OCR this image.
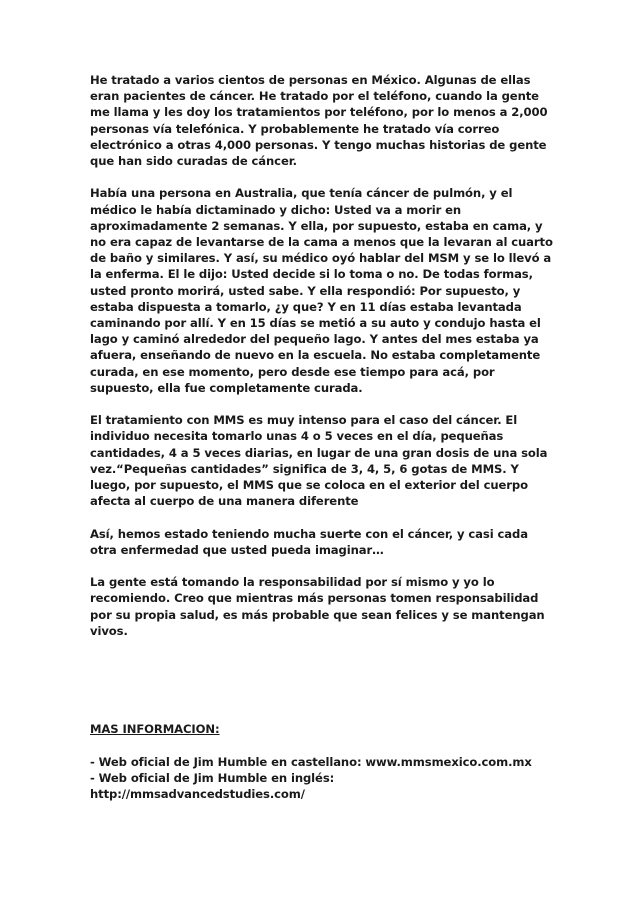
He tratado a varios cientos de personas en México. Algunas de ellas eran pacientes de cáncer. He tratado por el teléfono, cuando la gente me llama y les doy los tratamientos por teléfono, por lo menos a 2,000 personas vía telefónica. Y probablemente he tratado vía correo electrónico a otras 4,000 personas. Y tengo muchas historias de gente que han sido curadas de cáncer.

Había una persona en Australia, que tenía cáncer de pulmón, y el médico le había dictaminado y dicho: Usted va a morir en aproximadamente 2 semanas. Y ella, por supuesto, estaba en cama, y no era capaz de levantarse de la cama a menos que la levaran al cuarto de baño y similares. Y así, su médico oyó hablar del MSM y se lo llevó a la enferma. El le dijo: Usted decide si lo toma o no. De todas formas, usted pronto morirá, usted sabe. Y ella respondió: Por supuesto, y estaba dispuesta a tomarlo, ¿y que? Y en 11 días estaba levantada caminando por allí. Y en 15 días se metió a su auto y condujo hasta el lago y caminó alrededor del pequeño lago. Y antes del mes estaba ya afuera, enseñando de nuevo en la escuela. No estaba completamente curada, en ese momento, pero desde ese tiempo para acá, por supuesto, ella fue completamente curada.

El tratamiento con MMS es muy intenso para el caso del cáncer. El individuo necesita tomarlo unas 4 o 5 veces en el día, pequeñas cantidades, 4 a 5 veces diarias, en lugar de una gran dosis de una sola vez.“Pequeñas cantidades” significa de 3, 4, 5, 6 gotas de MMS. Y luego, por supuesto, el MMS que se coloca en el exterior del cuerpo afecta al cuerpo de una manera diferente

Así, hemos estado teniendo mucha suerte con el cáncer, y casi cada otra enfermedad que usted pueda imaginar…

La gente está tomando la responsabilidad por sí mismo y yo lo recomiendo. Creo que mientras más personas tomen responsabilidad por su propia salud, es más probable que sean felices y se mantengan vivos.

MAS INFORMACION:

- Web oficial de Jim Humble en castellano: www.mmsmexico.com.mx
- Web oficial de Jim Humble en inglés:
http://mmsadvancedstudies.com/
